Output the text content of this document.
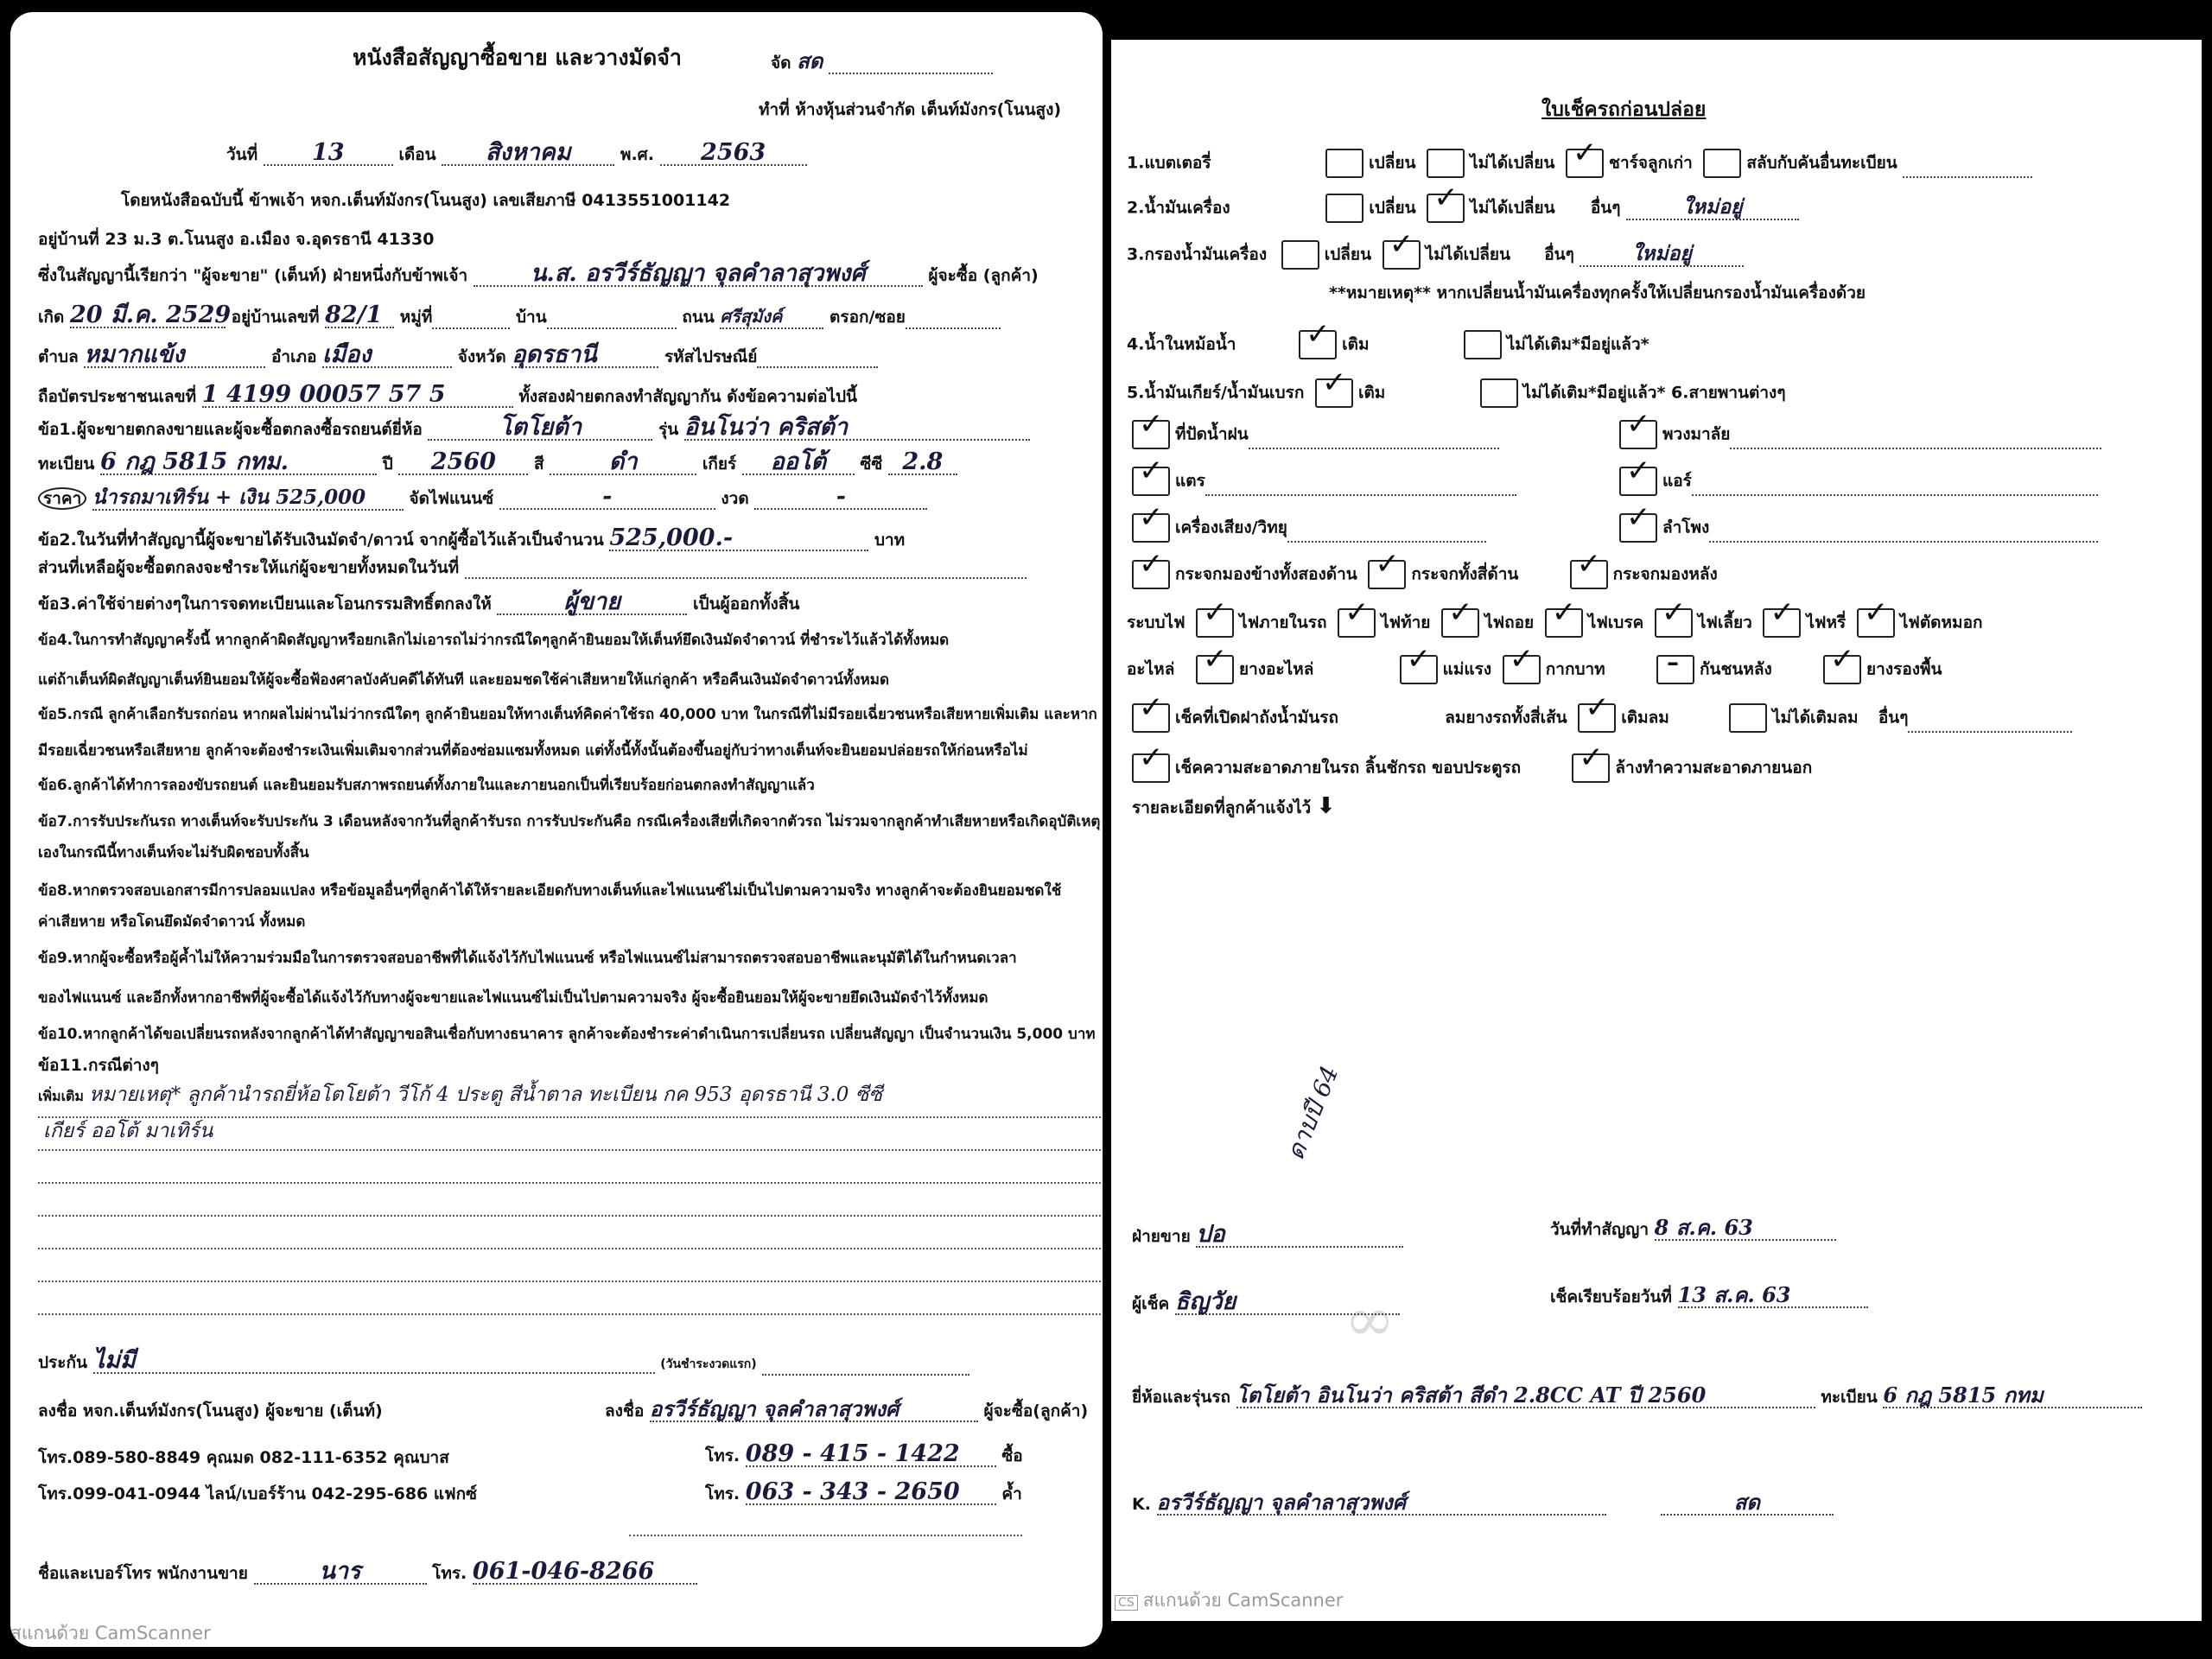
หนังสือสัญญาซื้อขาย และวางมัดจำ	จัด สด
ทำที่ ห้างหุ้นส่วนจำกัด เต็นท์มังกร(โนนสูง)
วันที่ 13	เดือน สิงหาคม	พ.ศ. 2563
โดยหนังสือฉบับนี้ ข้าพเจ้า หจก.เต็นท์มังกร(โนนสูง) เลขเสียภาษี 0413551001142
อยู่บ้านที่ 23 ม.3 ต.โนนสูง อ.เมือง จ.อุดรธานี 41330
ซึ่งในสัญญานี้เรียกว่า "ผู้จะขาย" (เต็นท์) ฝ่ายหนึ่งกับข้าพเจ้า	น.ส. อรวีร์ธัญญา จุลคำลาสุวพงศ์	ผู้จะซื้อ (ลูกค้า)
เกิด 20 มี.ค. 2529 อยู่บ้านเลขที่ 82/1 หมู่ที่	บ้าน	ถนน ศรีสุมังค์	ตรอก/ซอย
ตำบล หมากแข้ง	อำเภอ เมือง	จังหวัด อุดรธานี	รหัสไปรษณีย์
ถือบัตรประชาชนเลขที่ 1 4199 00057 57 5	ทั้งสองฝ่ายตกลงทำสัญญากัน ดังข้อความต่อไปนี้
ข้อ1.ผู้จะขายตกลงขายและผู้จะซื้อตกลงซื้อรถยนต์ยี่ห้อ	โตโยต้า	รุ่น อินโนว่า คริสต้า
ทะเบียน 6 กฎ 5815 กทม.	ปี 2560 สี	ดำ	เกียร์ ออโต้ ซีซี 2.8
ราคา นำรถมาเทิร์น + เงิน 525,000	จัดไฟแนนซ์	-	งวด	-
ข้อ2.ในวันที่ทำสัญญานี้ผู้จะขายได้รับเงินมัดจำ/ดาวน์ จากผู้ซื้อไว้แล้วเป็นจำนวน 525,000.-	บาท
ส่วนที่เหลือผู้จะซื้อตกลงจะชำระให้แก่ผู้จะขายทั้งหมดในวันที่
ข้อ3.ค่าใช้จ่ายต่างๆในการจดทะเบียนและโอนกรรมสิทธิ์ตกลงให้	ผู้ขาย	เป็นผู้ออกทั้งสิ้น
ข้อ4.ในการทำสัญญาครั้งนี้ หากลูกค้าผิดสัญญาหรือยกเลิกไม่เอารถไม่ว่ากรณีใดๆลูกค้ายินยอมให้เต็นท์ยึดเงินมัดจำดาวน์ ที่ชำระไว้แล้วได้ทั้งหมด
แต่ถ้าเต็นท์ผิดสัญญาเต็นท์ยินยอมให้ผู้จะซื้อฟ้องศาลบังคับคดีได้ทันที และยอมชดใช้ค่าเสียหายให้แก่ลูกค้า หรือคืนเงินมัดจำดาวน์ทั้งหมด
ข้อ5.กรณี ลูกค้าเลือกรับรถก่อน หากผลไม่ผ่านไม่ว่ากรณีใดๆ ลูกค้ายินยอมให้ทางเต็นท์คิดค่าใช้รถ 40,000 บาท ในกรณีที่ไม่มีรอยเฉี่ยวชนหรือเสียหายเพิ่มเติม และหาก
มีรอยเฉี่ยวชนหรือเสียหาย ลูกค้าจะต้องชำระเงินเพิ่มเติมจากส่วนที่ต้องซ่อมแซมทั้งหมด แต่ทั้งนี้ทั้งนั้นต้องขึ้นอยู่กับว่าทางเต็นท์จะยินยอมปล่อยรถให้ก่อนหรือไม่
ข้อ6.ลูกค้าได้ทำการลองขับรถยนต์ และยินยอมรับสภาพรถยนต์ทั้งภายในและภายนอกเป็นที่เรียบร้อยก่อนตกลงทำสัญญาแล้ว
ข้อ7.การรับประกันรถ ทางเต็นท์จะรับประกัน 3 เดือนหลังจากวันที่ลูกค้ารับรถ การรับประกันคือ กรณีเครื่องเสียที่เกิดจากตัวรถ ไม่รวมจากลูกค้าทำเสียหายหรือเกิดอุบัติเหตุ
เองในกรณีนี้ทางเต็นท์จะไม่รับผิดชอบทั้งสิ้น
ข้อ8.หากตรวจสอบเอกสารมีการปลอมแปลง หรือข้อมูลอื่นๆที่ลูกค้าได้ให้รายละเอียดกับทางเต็นท์และไฟแนนซ์ไม่เป็นไปตามความจริง ทางลูกค้าจะต้องยินยอมชดใช้
ค่าเสียหาย หรือโดนยึดมัดจำดาวน์ ทั้งหมด
ข้อ9.หากผู้จะซื้อหรือผู้ค้ำไม่ให้ความร่วมมือในการตรวจสอบอาชีพที่ได้แจ้งไว้กับไฟแนนซ์ หรือไฟแนนซ์ไม่สามารถตรวจสอบอาชีพและนุมัติได้ในกำหนดเวลา
ของไฟแนนซ์ และอีกทั้งหากอาชีพที่ผู้จะซื้อได้แจ้งไว้กับทางผู้จะขายและไฟแนนซ์ไม่เป็นไปตามความจริง ผู้จะซื้อยินยอมให้ผู้จะขายยึดเงินมัดจำไว้ทั้งหมด
ข้อ10.หากลูกค้าได้ขอเปลี่ยนรถหลังจากลูกค้าได้ทำสัญญาขอสินเชื่อกับทางธนาคาร ลูกค้าจะต้องชำระค่าดำเนินการเปลี่ยนรถ เปลี่ยนสัญญา เป็นจำนวนเงิน 5,000 บาท
ข้อ11.กรณีต่างๆ
เพิ่มเติม หมายเหตุ* ลูกค้านำรถยี่ห้อโตโยต้า วีโก้ 4 ประตู สีน้ำตาล ทะเบียน กค 953 อุดรธานี 3.0 ซีซี
เกียร์ ออโต้ มาเทิร์น
ประกัน ไม่มี	(วันชำระงวดแรก)
ลงชื่อ หจก.เต็นท์มังกร(โนนสูง) ผู้จะขาย (เต็นท์)	ลงชื่อ อรวีร์ธัญญา จุลคำลาสุวพงศ์	ผู้จะซื้อ(ลูกค้า)
โทร.089-580-8849 คุณมด 082-111-6352 คุณบาส
โทร.099-041-0944 ไลน์/เบอร์ร้าน 042-295-686 แฟกซ์
โทร. 089 - 415 - 1422	ซื้อ
โทร. 063 - 343 - 2650	ค้ำ
ชื่อและเบอร์โทร พนักงานขาย	นาร	โทร. 061-046-8266
สแกนด้วย CamScanner
ใบเช็ครถก่อนปล่อย
1.แบตเตอรี่	เปลี่ยน	ไม่ได้เปลี่ยน ✓	ชาร์จลูกเก่า	สลับกับคันอื่นทะเบียน
2.น้ำมันเครื่อง	เปลี่ยน ✓	ไม่ได้เปลี่ยน อื่นๆ	ใหม่อยู่
3.กรองน้ำมันเครื่อง	เปลี่ยน ✓	ไม่ได้เปลี่ยน อื่นๆ	ใหม่อยู่
**หมายเหตุ** หากเปลี่ยนน้ำมันเครื่องทุกครั้งให้เปลี่ยนกรองน้ำมันเครื่องด้วย
4.น้ำในหม้อน้ำ ✓	เติม	ไม่ได้เติม*มีอยู่แล้ว*
5.น้ำมันเกียร์/น้ำมันเบรก ✓	เติม	ไม่ได้เติม*มีอยู่แล้ว* 6.สายพานต่างๆ
✓ที่ปัดน้ำฝน ✓	พวงมาลัย
✓แตร ✓	แอร์
✓เครื่องเสียง/วิทยุ ✓	ลำโพง
✓กระจกมองข้างทั้งสองด้าน ✓	กระจกทั้งสี่ด้าน ✓	กระจกมองหลัง
ระบบไฟ ✓	ไฟภายในรถ ✓	ไฟท้าย ✓	ไฟถอย ✓	ไฟเบรค ✓	ไฟเลี้ยว ✓	ไฟหรี่ ✓	ไฟตัดหมอก
อะไหล่ ✓	ยางอะไหล่ ✓	แม่แรง ✓	กากบาท –	กันชนหลัง ✓	ยางรองพื้น
✓เช็คที่เปิดฝาถังน้ำมันรถ	ลมยางรถทั้งสี่เส้น ✓	เติมลม	ไม่ได้เติมลม อื่นๆ
✓เช็คความสะอาดภายในรถ ลิ้นชักรถ ขอบประตูรถ ✓	ล้างทำความสะอาดภายนอก
รายละเอียดที่ลูกค้าแจ้งไว้ ⬇
∞
ดาบปี 64
ฝ่ายขาย ปอ	วันที่ทำสัญญา 8 ส.ค. 63
ผู้เช็ค ธิญวัย	เช็คเรียบร้อยวันที่ 13 ส.ค. 63
ยี่ห้อและรุ่นรถ โตโยต้า อินโนว่า คริสต้า สีดำ 2.8CC AT ปี 2560	ทะเบียน 6 กฎ 5815 กทม
K. อรวีร์ธัญญา จุลคำลาสุวพงศ์	สด
CS สแกนด้วย CamScanner
